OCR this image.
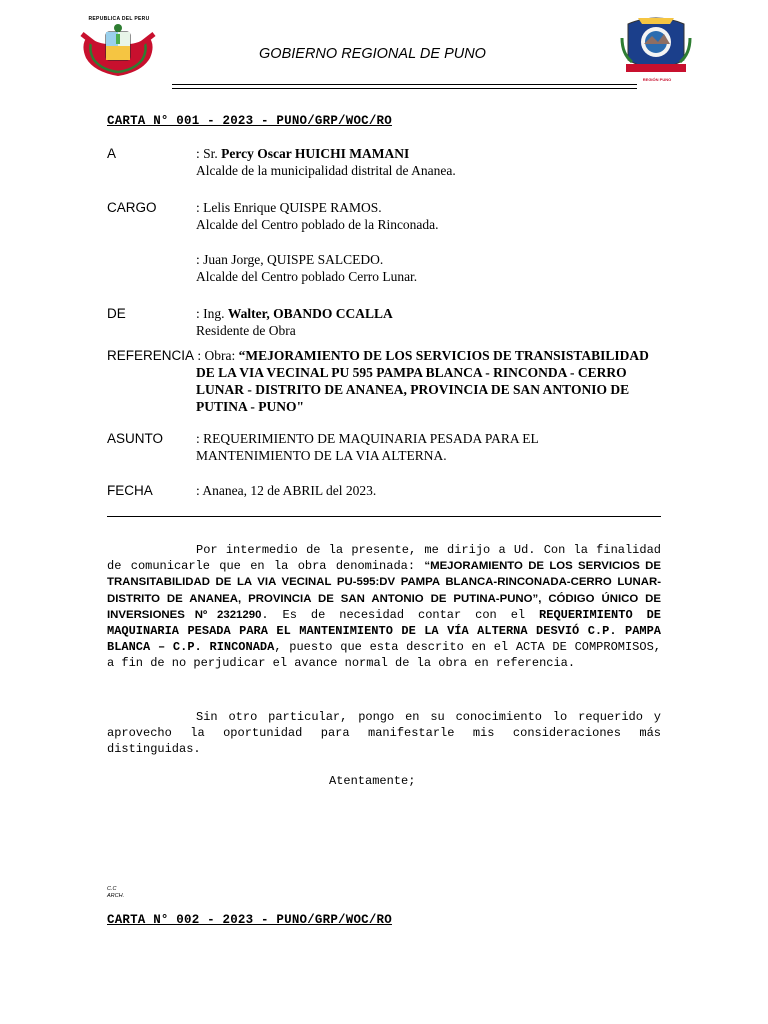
REPUBLICA DEL PERU
GOBIERNO REGIONAL DE PUNO
REGIÓN PUNO
CARTA N° 001 - 2023 - PUNO/GRP/WOC/RO
A	: Sr. Percy Oscar HUICHI MAMANI
Alcalde de la municipalidad distrital de Ananea.
CARGO	: Lelis Enrique QUISPE RAMOS.
Alcalde del Centro poblado de la Rinconada.
: Juan Jorge, QUISPE SALCEDO.
Alcalde del Centro poblado Cerro Lunar.
DE	: Ing. Walter, OBANDO CCALLA
Residente de Obra
REFERENCIA : Obra: “MEJORAMIENTO DE LOS SERVICIOS DE TRANSISTABILIDAD
DE LA VIA VECINAL PU 595 PAMPA BLANCA - RINCONDA - CERRO
LUNAR - DISTRITO DE ANANEA, PROVINCIA DE SAN ANTONIO DE
PUTINA - PUNO"
ASUNTO : REQUERIMIENTO DE MAQUINARIA PESADA PARA EL
MANTENIMIENTO DE LA VIA ALTERNA.
FECHA	: Ananea, 12 de ABRIL del 2023.
Por intermedio de la presente, me dirijo a Ud. Con la finalidad de comunicarle que en la obra denominada: “MEJORAMIENTO DE LOS SERVICIOS DE TRANSITABILIDAD DE LA VIA VECINAL PU-595:DV PAMPA BLANCA-RINCONADA-CERRO LUNAR-DISTRITO DE ANANEA, PROVINCIA DE SAN ANTONIO DE PUTINA-PUNO”, CÓDIGO ÚNICO DE INVERSIONES Nº 2321290. Es de necesidad contar con el REQUERIMIENTO DE MAQUINARIA PESADA PARA EL MANTENIMIENTO DE LA VÍA ALTERNA DESVIÓ C.P. PAMPA BLANCA – C.P. RINCONADA, puesto que esta descrito en el ACTA DE COMPROMISOS, a fin de no perjudicar el avance normal de la obra en referencia.
Sin otro particular, pongo en su conocimiento lo requerido y aprovecho la oportunidad para manifestarle mis consideraciones más distinguidas.
Atentamente;
C.C
ARCH.
CARTA N° 002 - 2023 - PUNO/GRP/WOC/RO
